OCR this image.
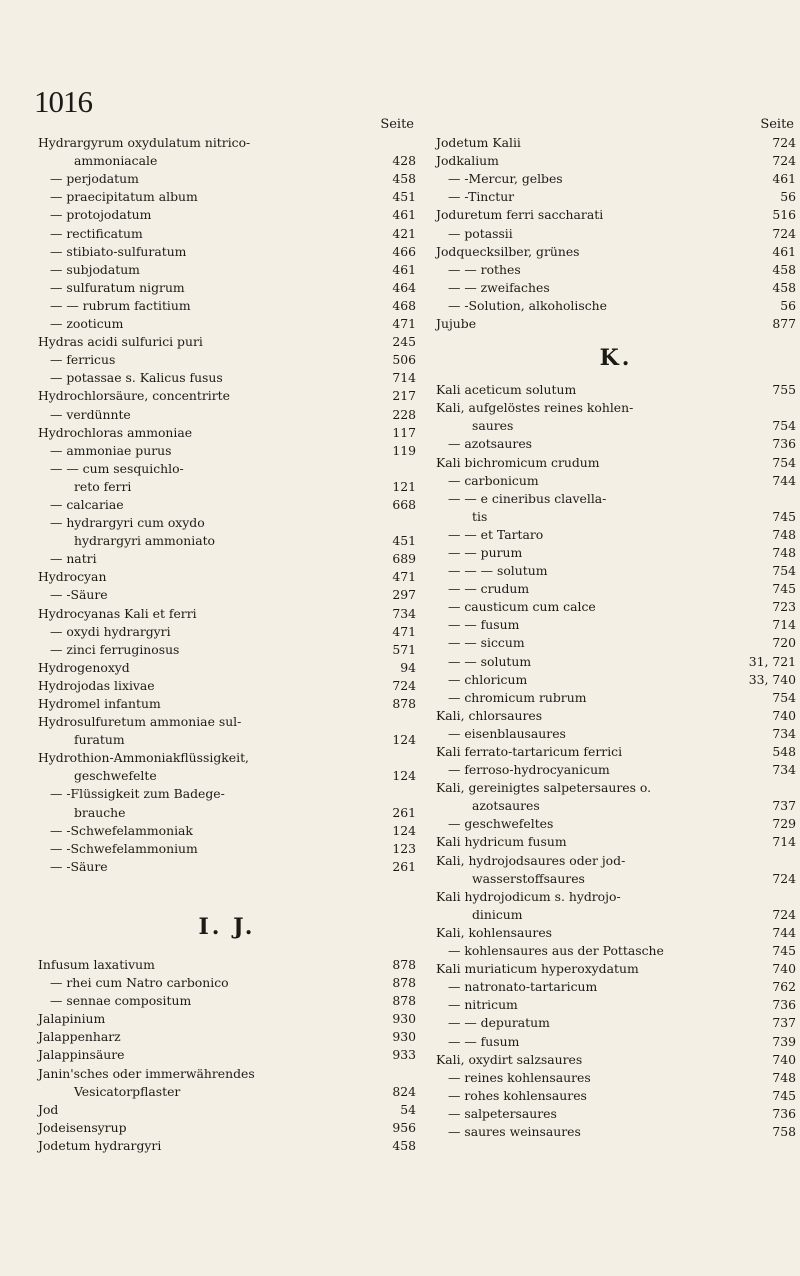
1016
Seite
Hydrargyrum oxydulatum nitrico-
ammoniacale	428
— perjodatum	458
— praecipitatum album	451
— protojodatum	461
— rectificatum	421
— stibiato-sulfuratum	466
— subjodatum	461
— sulfuratum nigrum	464
— — rubrum factitium	468
— zooticum	471
Hydras acidi sulfurici puri	245
— ferricus	506
— potassae s. Kalicus fusus	714
Hydrochlorsäure, concentrirte	217
— verdünnte	228
Hydrochloras ammoniae	117
— ammoniae purus	119
— — cum sesquichlo-
reto ferri	121
— calcariae	668
— hydrargyri cum oxydo
hydrargyri ammoniato	451
— natri	689
Hydrocyan	471
— -Säure	297
Hydrocyanas Kali et ferri	734
— oxydi hydrargyri	471
— zinci ferruginosus	571
Hydrogenoxyd	94
Hydrojodas lixivae	724
Hydromel infantum	878
Hydrosulfuretum ammoniae sul-
furatum	124
Hydrothion-Ammoniakflüssigkeit,
geschwefelte	124
— -Flüssigkeit zum Badege-
brauche	261
— -Schwefelammoniak	124
— -Schwefelammonium	123
— -Säure	261
I. J.
Infusum laxativum	878
— rhei cum Natro carbonico	878
— sennae compositum	878
Jalapinium	930
Jalappenharz	930
Jalappinsäure	933
Janin'sches oder immerwährendes
Vesicatorpflaster	824
Jod	54
Jodeisensyrup	956
Jodetum hydrargyri	458
Seite
Jodetum Kalii	724
Jodkalium	724
— -Mercur, gelbes	461
— -Tinctur	56
Joduretum ferri saccharati	516
— potassii	724
Jodquecksilber, grünes	461
— — rothes	458
— — zweifaches	458
— -Solution, alkoholische	56
Jujube	877
K.
Kali aceticum solutum	755
Kali, aufgelöstes reines kohlen-
saures	754
— azotsaures	736
Kali bichromicum crudum	754
— carbonicum	744
— — e cineribus clavella-
tis	745
— — et Tartaro	748
— — purum	748
— — — solutum	754
— — crudum	745
— causticum cum calce	723
— — fusum	714
— — siccum	720
— — solutum	31, 721
— chloricum	33, 740
— chromicum rubrum	754
Kali, chlorsaures	740
— eisenblausaures	734
Kali ferrato-tartaricum ferrici	548
— ferroso-hydrocyanicum	734
Kali, gereinigtes salpetersaures o.
azotsaures	737
— geschwefeltes	729
Kali hydricum fusum	714
Kali, hydrojodsaures oder jod-
wasserstoffsaures	724
Kali hydrojodicum s. hydrojo-
dinicum	724
Kali, kohlensaures	744
— kohlensaures aus der Pottasche	745
Kali muriaticum hyperoxydatum	740
— natronato-tartaricum	762
— nitricum	736
— — depuratum	737
— — fusum	739
Kali, oxydirt salzsaures	740
— reines kohlensaures	748
— rohes kohlensaures	745
— salpetersaures	736
— saures weinsaures	758
